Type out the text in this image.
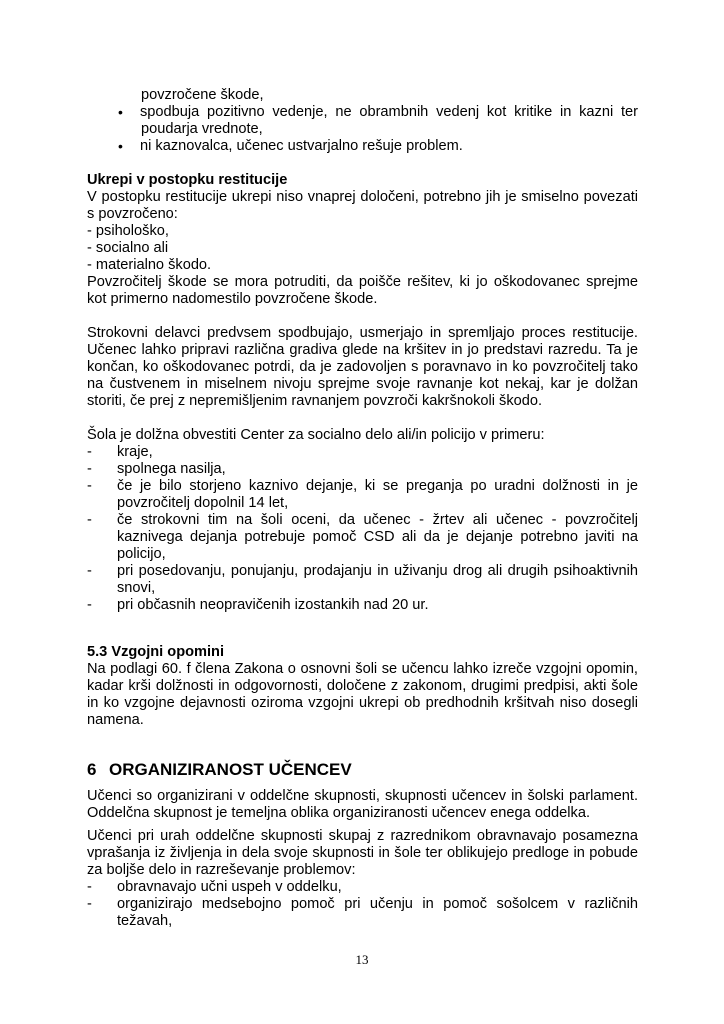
povzročene škode,
• spodbuja pozitivno vedenje, ne obrambnih vedenj kot kritike in kazni ter
poudarja vrednote,
• ni kaznovalca, učenec ustvarjalno rešuje problem.
Ukrepi v postopku restitucije
V postopku restitucije ukrepi niso vnaprej določeni, potrebno jih je smiselno povezati
s povzročeno:
- psihološko,
- socialno ali
- materialno škodo.
Povzročitelj škode se mora potruditi, da poišče rešitev, ki jo oškodovanec sprejme
kot primerno nadomestilo povzročene škode.
Strokovni delavci predvsem spodbujajo, usmerjajo in spremljajo proces restitucije.
Učenec lahko pripravi različna gradiva glede na kršitev in jo predstavi razredu. Ta je
končan, ko oškodovanec potrdi, da je zadovoljen s poravnavo in ko povzročitelj tako
na čustvenem in miselnem nivoju sprejme svoje ravnanje kot nekaj, kar je dolžan
storiti, če prej z nepremišljenim ravnanjem povzroči kakršnokoli škodo.
Šola je dolžna obvestiti Center za socialno delo ali/in policijo v primeru:
- kraje,
- spolnega nasilja,
- če je bilo storjeno kaznivo dejanje, ki se preganja po uradni dolžnosti in je
povzročitelj dopolnil 14 let,
- če strokovni tim na šoli oceni, da učenec - žrtev ali učenec - povzročitelj
kaznivega dejanja potrebuje pomoč CSD ali da je dejanje potrebno javiti na
policijo,
- pri posedovanju, ponujanju, prodajanju in uživanju drog ali drugih psihoaktivnih
snovi,
- pri občasnih neopravičenih izostankih nad 20 ur.
5.3 Vzgojni opomini
Na podlagi 60. f člena Zakona o osnovni šoli se učencu lahko izreče vzgojni opomin,
kadar krši dolžnosti in odgovornosti, določene z zakonom, drugimi predpisi, akti šole
in ko vzgojne dejavnosti oziroma vzgojni ukrepi ob predhodnih kršitvah niso dosegli
namena.
6 ORGANIZIRANOST UČENCEV
Učenci so organizirani v oddelčne skupnosti, skupnosti učencev in šolski parlament.
Oddelčna skupnost je temeljna oblika organiziranosti učencev enega oddelka.
Učenci pri urah oddelčne skupnosti skupaj z razrednikom obravnavajo posamezna
vprašanja iz življenja in dela svoje skupnosti in šole ter oblikujejo predloge in pobude
za boljše delo in razreševanje problemov:
- obravnavajo učni uspeh v oddelku,
- organizirajo medsebojno pomoč pri učenju in pomoč sošolcem v različnih
težavah,
13
